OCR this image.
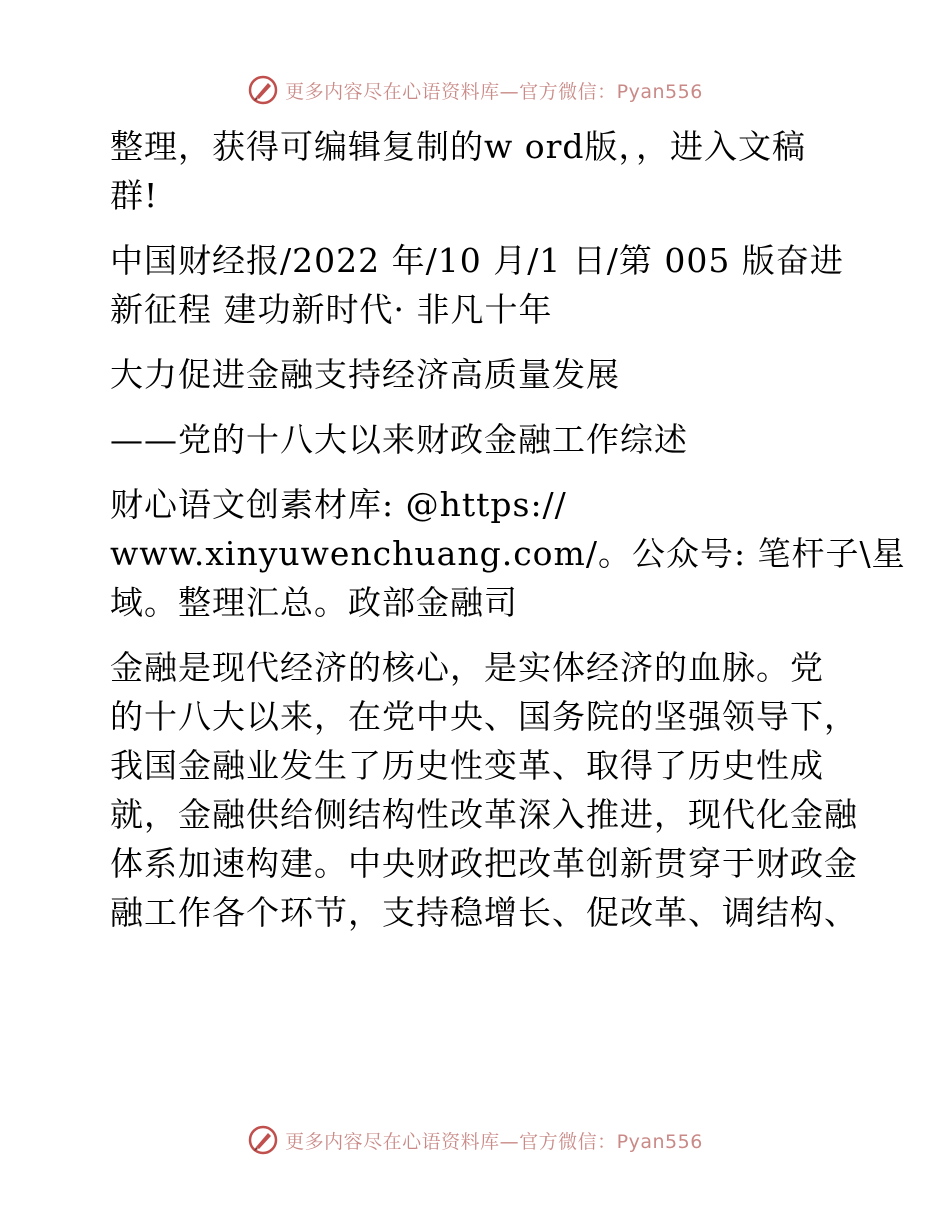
更多内容尽在心语资料库—官方微信：Pyan556

整理，获得可编辑复制的w ord版，，进入文稿
群!

中国财经报/2022 年/10 月/1 日/第 005 版奋进
新征程 建功新时代· 非凡十年

大力促进金融支持经济高质量发展

——党的十八大以来财政金融工作综述

财心语文创素材库: @https://
www.xinyuwenchuang.com/。公众号: 笔杆子\星
域。整理汇总。政部金融司

金融是现代经济的核心，是实体经济的血脉。党
的十八大以来，在党中央、国务院的坚强领导下，
我国金融业发生了历史性变革、取得了历史性成
就，金融供给侧结构性改革深入推进，现代化金融
体系加速构建。中央财政把改革创新贯穿于财政金
融工作各个环节，支持稳增长、促改革、调结构、

更多内容尽在心语资料库—官方微信：Pyan556
